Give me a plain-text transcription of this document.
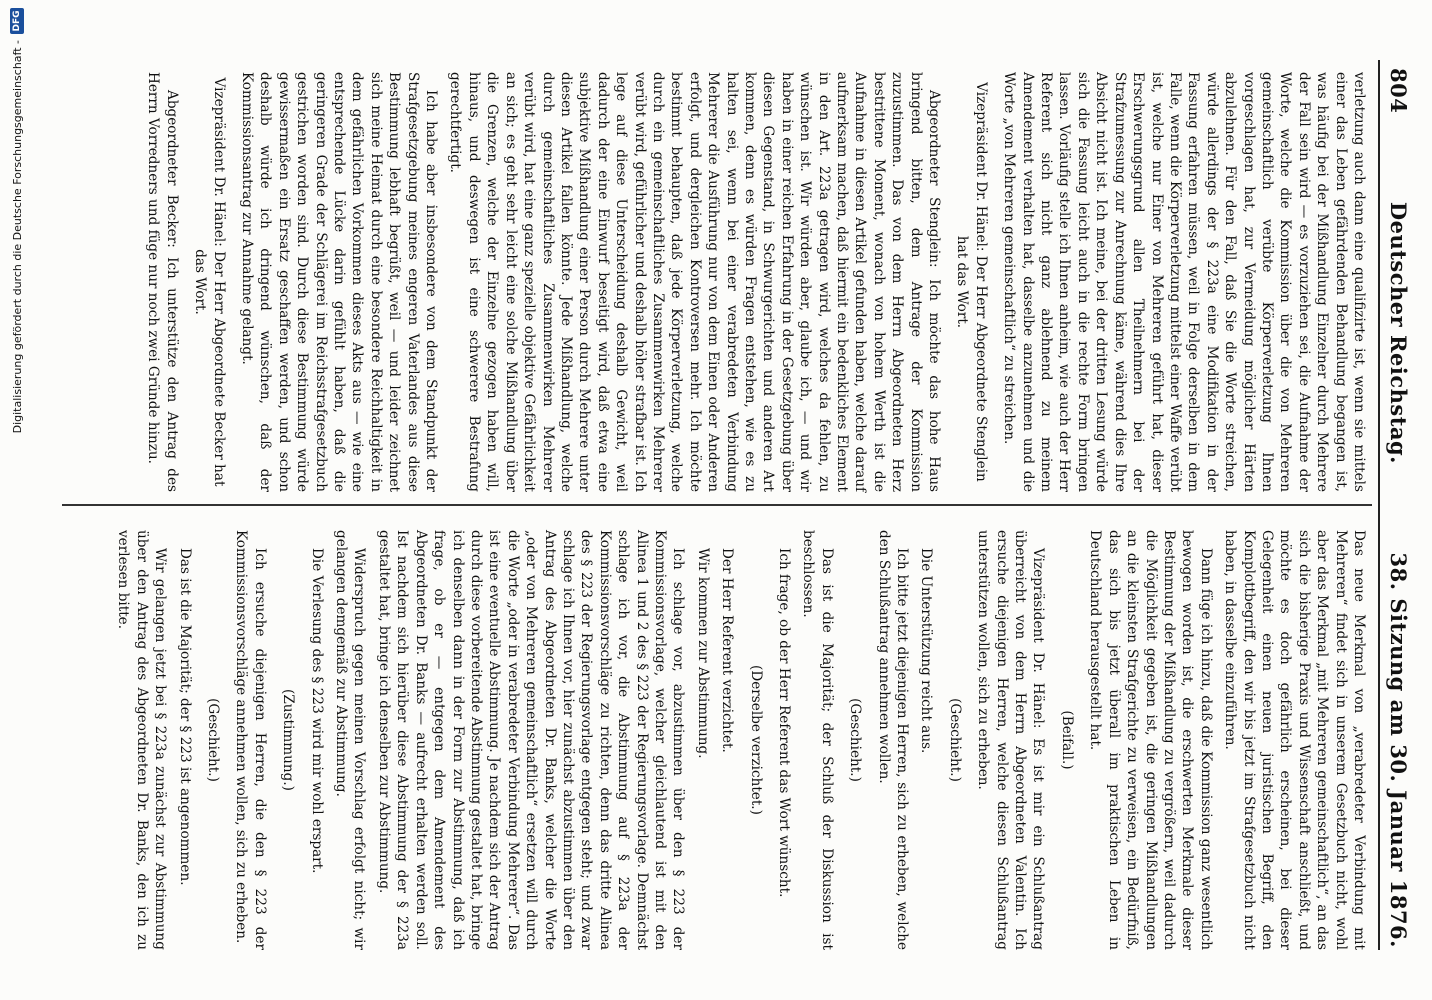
804
Deutscher Reichstag.
38. Sitzung am 30. Januar 1876.

verletzung auch dann eine qualifizirte ist, wenn sie mittels einer das Leben gefährdenden Behandlung begangen ist, was häufig bei der Mißhandlung Einzelner durch Mehrere der Fall sein wird — es vorzuziehen sei, die Aufnahme der Worte, welche die Kommission über die von Mehreren gemeinschaftlich verübte Körperverletzung Ihnen vorgeschlagen hat, zur Vermeidung möglicher Härten abzulehnen. Für den Fall, daß Sie die Worte streichen, würde allerdings der § 223a eine Modifikation in der Fassung erfahren müssen, weil in Folge derselben in dem Falle, wenn die Körperverletzung mittelst einer Waffe verübt ist, welche nur Einer von Mehreren geführt hat, dieser Erschwerungsgrund allen Theilnehmern bei der Strafzumessung zur Anrechnung käme, während dies Ihre Absicht nicht ist. Ich meine, bei der dritten Lesung würde sich die Fassung leicht auch in die rechte Form bringen lassen. Vorläufig stelle ich Ihnen anheim, wie auch der Herr Referent sich nicht ganz ablehnend zu meinem Amendement verhalten hat, dasselbe anzunehmen und die Worte „von Mehreren gemeinschaftlich“ zu streichen.

Vizepräsident Dr. Hänel: Der Herr Abgeordnete Stenglein hat das Wort.

Abgeordneter Stenglein: Ich möchte das hohe Haus bringend bitten, dem Antrage der Kommission zuzustimmen. Das von dem Herrn Abgeordneten Herz bestrittene Moment, wonach von hohem Werth ist die Aufnahme in diesen Artikel gefunden haben, welche darauf aufmerksam machen, daß hiermit ein bedenkliches Element in den Art. 223a getragen wird, welches da fehlen, zu wünschen ist. Wir würden aber, glaube ich, — und wir haben in einer reichen Erfahrung in der Gesetzgebung über diesen Gegenstand, in Schwurgerichten und anderen Art kommen, denn es würden Fragen entstehen, wie es zu halten sei, wenn bei einer verabredeten Verbindung Mehrerer die Ausführung nur von dem Einen oder Anderen erfolgt, und dergleichen Kontroversen mehr. Ich möchte bestimmt behaupten, daß jede Körperverletzung, welche durch ein gemeinschaftliches Zusammenwirken Mehrerer verübt wird, geführlicher und deshalb höher strafbar ist. Ich lege auf diese Unterscheidung deshalb Gewicht, weil dadurch der eine Einwurf beseitigt wird, daß etwa eine subjektive Mißhandlung einer Person durch Mehrere unter diesen Artikel fallen könnte. Jede Mißhandlung, welche durch gemeinschaftliches Zusammenwirken Mehrerer verübt wird, hat eine ganz spezielle objektive Gefährlichkeit an sich; es geht sehr leicht eine solche Mißhandlung über die Grenzen, welche der Einzelne gezogen haben will, hinaus, und deswegen ist eine schwerere Bestrafung gerechtfertigt.

Ich habe aber insbesondere von dem Standpunkt der Strafgesetzgebung meines engeren Vaterlandes aus diese Bestimmung lebhaft begrüßt, weil — und leider zeichnet sich meine Heimat durch eine besondere Reichhaltigkeit in dem gefährlichen Vorkommen dieses Akts aus — wie eine entsprechende Lücke darin gefühlt haben, daß die geringeren Grade der Schlägerei im Reichsstrafgesetzbuch gestrichen worden sind. Durch diese Bestimmung würde gewissermaßen ein Ersatz geschaffen werden, und schon deshalb würde ich dringend wünschen, daß der Kommissionsantrag zur Annahme gelangt.

Vizepräsident Dr. Hänel: Der Herr Abgeordnete Becker hat das Wort.

Abgeordneter Becker: Ich unterstütze den Antrag des Herrn Vorredners und füge nur noch zwei Gründe hinzu.

Das neue Merkmal von „verabredeter Verbindung mit Mehreren“ findet sich in unserem Gesetzbuch nicht, wohl aber das Merkmal „mit Mehreren gemeinschaftlich“, an das sich die bisherige Praxis und Wissenschaft anschließt, und möchte es doch gefährlich erscheinen, bei dieser Gelegenheit einen neuen juristischen Begriff, den Komplottbegriff, den wir bis jetzt im Strafgesetzbuch nicht haben, in dasselbe einzuführen.

Dann füge ich hinzu, daß die Kommission ganz wesentlich bewogen worden ist, die erschwerten Merkmale dieser Bestimmung der Mißhandlung zu vergrößern, weil dadurch die Möglichkeit gegeben ist, die geringen Mißhandlungen an die kleinsten Strafgerichte zu verweisen, ein Bedürfniß, das sich bis jetzt überall im praktischen Leben in Deutschland herausgestellt hat.

(Beifall.)

Vizepräsident Dr. Hänel: Es ist mir ein Schlußantrag überreicht von dem Herrn Abgeordneten Valentin. Ich ersuche diejenigen Herren, welche diesen Schlußantrag unterstützen wollen, sich zu erheben.

(Geschieht.)

Die Unterstützung reicht aus.

Ich bitte jetzt diejenigen Herren, sich zu erheben, welche den Schlußantrag annehmen wollen.

(Geschieht.)

Das ist die Majorität; der Schluß der Diskussion ist beschlossen.

Ich frage, ob der Herr Referent das Wort wünscht.

(Derselbe verzichtet.)

Der Herr Referent verzichtet.

Wir kommen zur Abstimmung.

Ich schlage vor, abzustimmen über den § 223 der Kommissionsvorlage, welcher gleichlautend ist mit den Alinea 1 und 2 des § 223 der Regierungsvorlage. Demnächst schlage ich vor, die Abstimmung auf § 223a der Kommissionsvorschläge zu richten, denn das dritte Alinea des § 223 der Regierungsvorlage entgegen steht; und zwar schlage ich Ihnen vor, hier zunächst abzustimmen über den Antrag des Abgeordneten Dr. Banks, welcher die Worte „oder von Mehreren gemeinschaftlich“ ersetzen will durch die Worte „oder in verabredeter Verbindung Mehrerer“. Das ist eine eventuelle Abstimmung. Je nachdem sich der Antrag durch diese vorbereitende Abstimmung gestaltet hat, bringe ich denselben dann in der Form zur Abstimmung, daß ich frage, ob er — entgegen dem Amendement des Abgeordneten Dr. Banks — aufrecht erhalten werden soll. Ist nachdem sich hierüber diese Abstimmung der § 223a gestaltet hat, bringe ich denselben zur Abstimmung.

Widerspruch gegen meinen Vorschlag erfolgt nicht; wir gelangen demgemäß zur Abstimmung.

Die Verlesung des § 223 wird mir wohl erspart.

(Zustimmung.)

Ich ersuche diejenigen Herren, die den § 223 der Kommissionsvorschläge annehmen wollen, sich zu erheben.

(Geschieht.)

Das ist die Majorität; der § 223 ist angenommen.

Wir gelangen jetzt bei § 223a zunächst zur Abstimmung über den Antrag des Abgeordneten Dr. Banks, den ich zu verlesen bitte.

Digitalisierung gefördert durch die Deutsche Forschungsgemeinschaft -
DFG
